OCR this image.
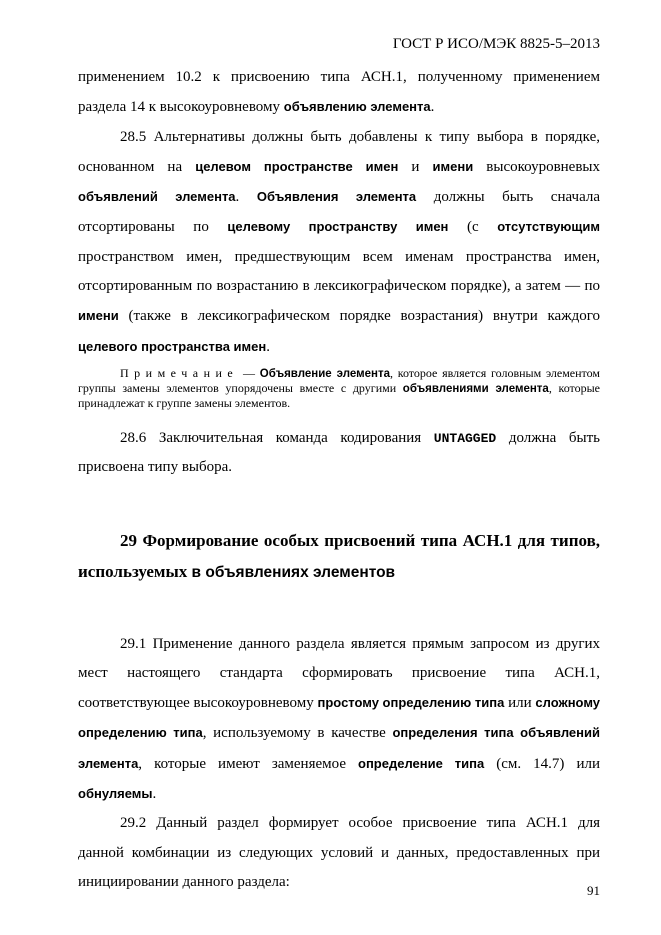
ГОСТ Р ИСО/МЭК 8825-5–2013

применением 10.2 к присвоению типа АСН.1, полученному применением раздела 14 к высокоуровневому объявлению элемента.

28.5 Альтернативы должны быть добавлены к типу выбора в порядке, основанном на целевом пространстве имен и имени высокоуровневых объявлений элемента. Объявления элемента должны быть сначала отсортированы по целевому пространству имен (с отсутствующим пространством имен, предшествующим всем именам пространства имен, отсортированным по возрастанию в лексикографическом порядке), а затем — по имени (также в лексикографическом порядке возрастания) внутри каждого целевого пространства имен.

Примечание — Объявление элемента, которое является головным элементом группы замены элементов упорядочены вместе с другими объявлениями элемента, которые принадлежат к группе замены элементов.

28.6 Заключительная команда кодирования UNTAGGED должна быть присвоена типу выбора.

29 Формирование особых присвоений типа АСН.1 для типов, используемых в объявлениях элементов

29.1 Применение данного раздела является прямым запросом из других мест настоящего стандарта сформировать присвоение типа АСН.1, соответствующее высокоуровневому простому определению типа или сложному определению типа, используемому в качестве определения типа объявлений элемента, которые имеют заменяемое определение типа (см. 14.7) или обнуляемы.

29.2 Данный раздел формирует особое присвоение типа АСН.1 для данной комбинации из следующих условий и данных, предоставленных при инициировании данного раздела:

91
